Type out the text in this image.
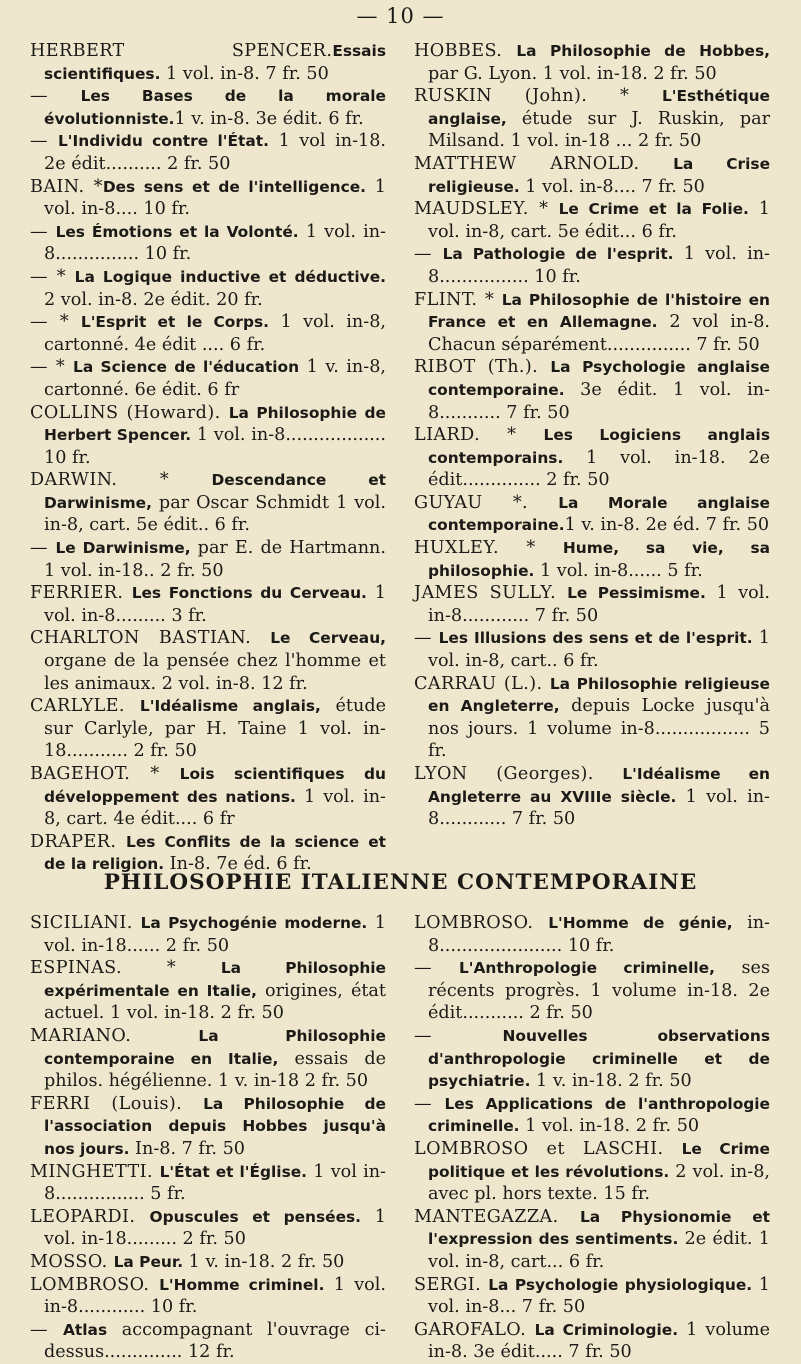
— 10 —

HERBERT SPENCER.Essais scientifiques. 1 vol. in-8. 7 fr. 50

— Les Bases de la morale évolutionniste.1 v. in-8. 3e édit. 6 fr.

— L'Individu contre l'État. 1 vol in-18. 2e édit.......... 2 fr. 50

BAIN. *Des sens et de l'intelligence. 1 vol. in-8.... 10 fr.

— Les Émotions et la Volonté. 1 vol. in-8............... 10 fr.

— * La Logique inductive et déductive. 2 vol. in-8. 2e édit. 20 fr.

— * L'Esprit et le Corps. 1 vol. in-8, cartonné. 4e édit .... 6 fr.

— * La Science de l'éducation 1 v. in-8, cartonné. 6e édit. 6 fr

COLLINS (Howard). La Philosophie de Herbert Spencer. 1 vol. in-8.................. 10 fr.

DARWIN. * Descendance et Darwinisme, par Oscar Schmidt 1 vol. in-8, cart. 5e édit.. 6 fr.

— Le Darwinisme, par E. de Hartmann. 1 vol. in-18.. 2 fr. 50

FERRIER. Les Fonctions du Cerveau. 1 vol. in-8......... 3 fr.

CHARLTON BASTIAN. Le Cerveau, organe de la pensée chez l'homme et les animaux. 2 vol. in-8. 12 fr.

CARLYLE. L'Idéalisme anglais, étude sur Carlyle, par H. Taine 1 vol. in-18........... 2 fr. 50

BAGEHOT. * Lois scientifiques du développement des nations. 1 vol. in-8, cart. 4e édit.... 6 fr

DRAPER. Les Conflits de la science et de la religion. In-8. 7e éd. 6 fr.

HOBBES. La Philosophie de Hobbes, par G. Lyon. 1 vol. in-18. 2 fr. 50

RUSKIN (John). * L'Esthétique anglaise, étude sur J. Ruskin, par Milsand. 1 vol. in-18 ... 2 fr. 50

MATTHEW ARNOLD. La Crise religieuse. 1 vol. in-8.... 7 fr. 50

MAUDSLEY. * Le Crime et la Folie. 1 vol. in-8, cart. 5e édit... 6 fr.

— La Pathologie de l'esprit. 1 vol. in-8................ 10 fr.

FLINT. * La Philosophie de l'histoire en France et en Allemagne. 2 vol in-8. Chacun séparément............... 7 fr. 50

RIBOT (Th.). La Psychologie anglaise contemporaine. 3e édit. 1 vol. in-8........... 7 fr. 50

LIARD. * Les Logiciens anglais contemporains. 1 vol. in-18. 2e édit.............. 2 fr. 50

GUYAU *. La Morale anglaise contemporaine.1 v. in-8. 2e éd. 7 fr. 50

HUXLEY. * Hume, sa vie, sa philosophie. 1 vol. in-8...... 5 fr.

JAMES SULLY. Le Pessimisme. 1 vol. in-8............ 7 fr. 50

— Les Illusions des sens et de l'esprit. 1 vol. in-8, cart.. 6 fr.

CARRAU (L.). La Philosophie religieuse en Angleterre, depuis Locke jusqu'à nos jours. 1 volume in-8................. 5 fr.

LYON (Georges). L'Idéalisme en Angleterre au XVIIIe siècle. 1 vol. in-8............ 7 fr. 50

PHILOSOPHIE ITALIENNE CONTEMPORAINE

SICILIANI. La Psychogénie moderne. 1 vol. in-18...... 2 fr. 50

ESPINAS. * La Philosophie expérimentale en Italie, origines, état actuel. 1 vol. in-18. 2 fr. 50

MARIANO. La Philosophie contemporaine en Italie, essais de philos. hégélienne. 1 v. in-18 2 fr. 50

FERRI (Louis). La Philosophie de l'association depuis Hobbes jusqu'à nos jours. In-8. 7 fr. 50

MINGHETTI. L'État et l'Église. 1 vol in-8................ 5 fr.

LEOPARDI. Opuscules et pensées. 1 vol. in-18......... 2 fr. 50

MOSSO. La Peur. 1 v. in-18. 2 fr. 50

LOMBROSO. L'Homme criminel. 1 vol. in-8............ 10 fr.

— Atlas accompagnant l'ouvrage ci-dessus.............. 12 fr.

LOMBROSO. L'Homme de génie, in-8...................... 10 fr.

— L'Anthropologie criminelle, ses récents progrès. 1 volume in-18. 2e édit........... 2 fr. 50

— Nouvelles observations d'anthropologie criminelle et de psychiatrie. 1 v. in-18. 2 fr. 50

— Les Applications de l'anthropologie criminelle. 1 vol. in-18. 2 fr. 50

LOMBROSO et LASCHI. Le Crime politique et les révolutions. 2 vol. in-8, avec pl. hors texte. 15 fr.

MANTEGAZZA. La Physionomie et l'expression des sentiments. 2e édit. 1 vol. in-8, cart... 6 fr.

SERGI. La Psychologie physiologique. 1 vol. in-8... 7 fr. 50

GAROFALO. La Criminologie. 1 volume in-8. 3e édit..... 7 fr. 50
